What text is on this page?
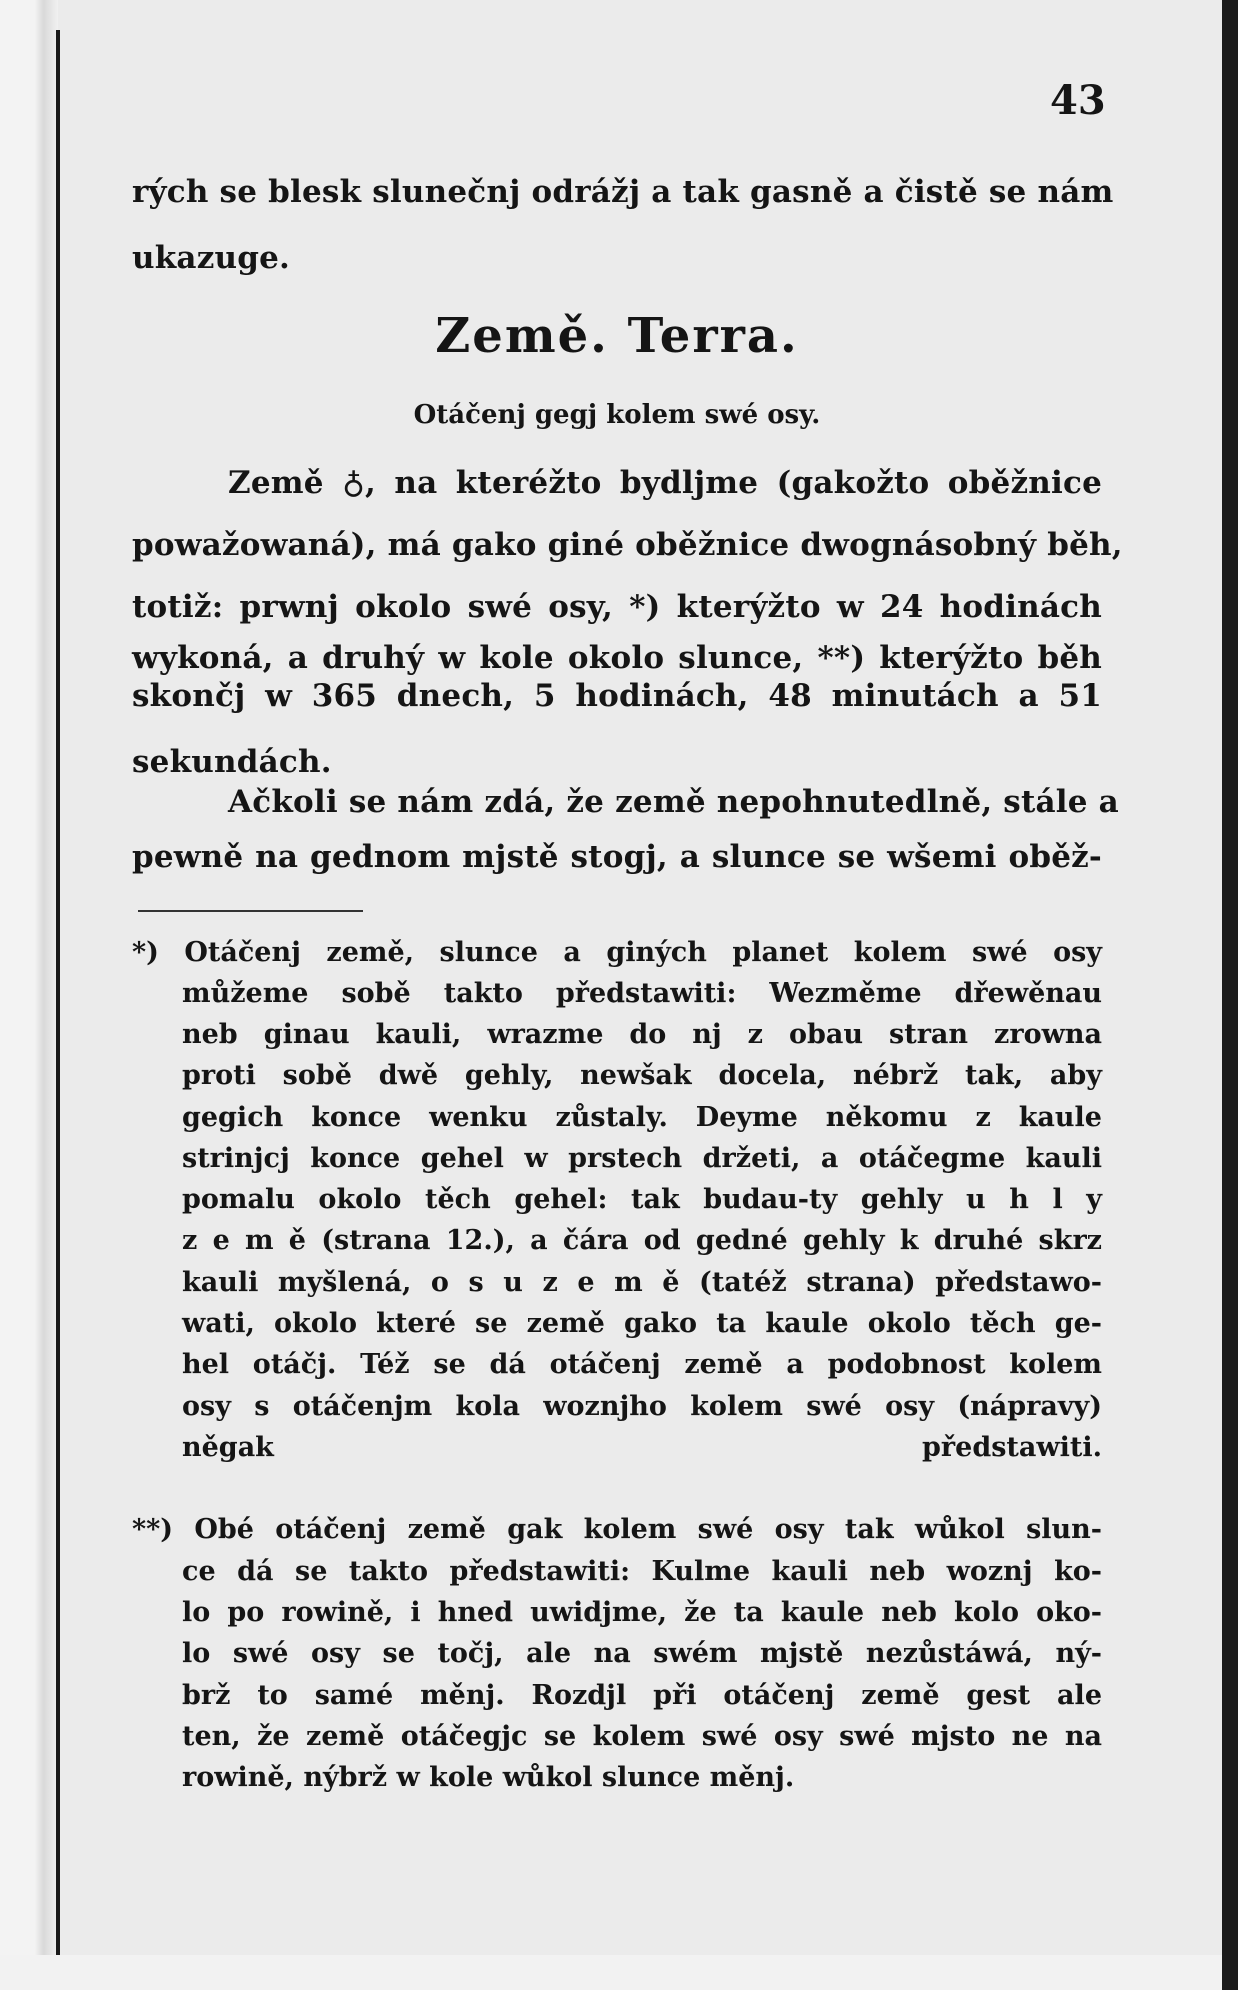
43
rých se blesk slunečnj odrážj a tak gasně a čistě se nám
ukazuge.
Země. Terra.
Otáčenj gegj kolem swé osy.
Země ♁, na kteréžto bydljme (gakožto oběžnice
powažowaná), má gako giné oběžnice dwognásobný běh,
totiž: prwnj okolo swé osy, *) kterýžto w 24 hodinách
wykoná, a druhý w kole okolo slunce, **) kterýžto běh
skončj w 365 dnech, 5 hodinách, 48 minutách a 51
sekundách.
Ačkoli se nám zdá, že země nepohnutedlně, stále a
pewně na gednom mjstě stogj, a slunce se wšemi oběž-
*) Otáčenj země, slunce a giných planet kolem swé osy
můžeme sobě takto předstawiti: Wezměme dřewěnau
neb ginau kauli, wrazme do nj z obau stran zrowna
proti sobě dwě gehly, newšak docela, nébrž tak, aby
gegich konce wenku zůstaly. Deyme někomu z kaule
strinjcj konce gehel w prstech držeti, a otáčegme kauli
pomalu okolo těch gehel: tak budau-ty gehly u h l y
z e m ě (strana 12.), a čára od gedné gehly k druhé skrz
kauli myšlená, o s u z e m ě (tatéž strana) předstawo-
wati, okolo které se země gako ta kaule okolo těch ge-
hel otáčj. Též se dá otáčenj země a podobnost kolem
osy s otáčenjm kola woznjho kolem swé osy (nápravy)
něgak předstawiti.
**) Obé otáčenj země gak kolem swé osy tak wůkol slun-
ce dá se takto předstawiti: Kulme kauli neb woznj ko-
lo po rowině, i hned uwidjme, že ta kaule neb kolo oko-
lo swé osy se točj, ale na swém mjstě nezůstáwá, ný-
brž to samé měnj. Rozdjl při otáčenj země gest ale
ten, že země otáčegjc se kolem swé osy swé mjsto ne na
rowině, nýbrž w kole wůkol slunce měnj.
